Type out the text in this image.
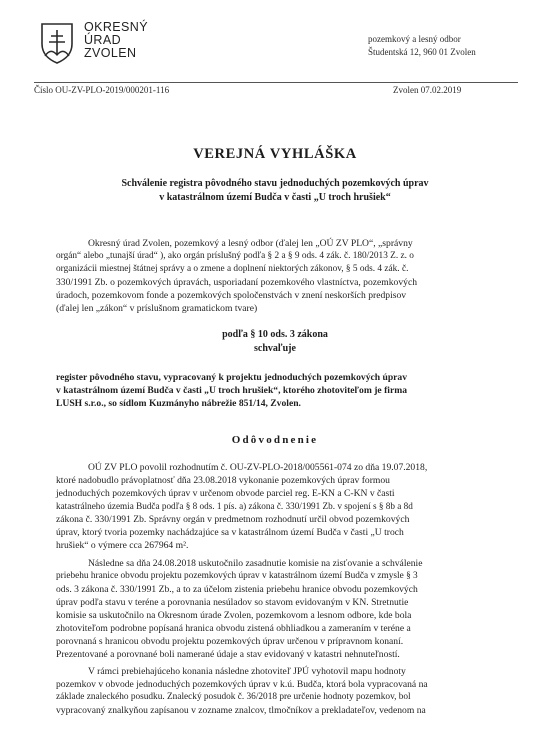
OKRESNÝ
ÚRAD
ZVOLEN
pozemkový a lesný odbor
Študentská 12, 960 01 Zvolen
Číslo OU-ZV-PLO-2019/000201-116	Zvolen 07.02.2019
VEREJNÁ VYHLÁŠKA
Schválenie registra pôvodného stavu jednoduchých pozemkových úprav
v katastrálnom území Budča v časti „U troch hrušiek“
Okresný úrad Zvolen, pozemkový a lesný odbor (ďalej len „OÚ ZV PLO“, „správny
orgán“ alebo „tunajší úrad“ ), ako orgán príslušný podľa § 2 a § 9 ods. 4 zák. č. 180/2013 Z. z. o
organizácii miestnej štátnej správy a o zmene a doplnení niektorých zákonov, § 5 ods. 4 zák. č.
330/1991 Zb. o pozemkových úpravách, usporiadaní pozemkového vlastníctva, pozemkových
úradoch, pozemkovom fonde a pozemkových spoločenstvách v znení neskorších predpisov
(ďalej len „zákon“ v príslušnom gramatickom tvare)
podľa § 10 ods. 3 zákona
schvaľuje
register pôvodného stavu, vypracovaný k projektu jednoduchých pozemkových úprav
v katastrálnom území Budča v časti „U troch hrušiek“, ktorého zhotoviteľom je firma
LUSH s.r.o., so sídlom Kuzmányho nábrežie 851/14, Zvolen.
Odôvodnenie
OÚ ZV PLO povolil rozhodnutím č. OU-ZV-PLO-2018/005561-074 zo dňa 19.07.2018,
ktoré nadobudlo právoplatnosť dňa 23.08.2018 vykonanie pozemkových úprav formou
jednoduchých pozemkových úprav v určenom obvode parciel reg. E-KN a C-KN v časti
katastrálneho územia Budča podľa § 8 ods. 1 pís. a) zákona č. 330/1991 Zb. v spojení s § 8b a 8d
zákona č. 330/1991 Zb. Správny orgán v predmetnom rozhodnutí určil obvod pozemkových
úprav, ktorý tvoria pozemky nachádzajúce sa v katastrálnom území Budča v časti „U troch
hrušiek“ o výmere cca 267964 m².
Následne sa dňa 24.08.2018 uskutočnilo zasadnutie komisie na zisťovanie a schválenie
priebehu hranice obvodu projektu pozemkových úprav v katastrálnom území Budča v zmysle § 3
ods. 3 zákona č. 330/1991 Zb., a to za účelom zistenia priebehu hranice obvodu pozemkových
úprav podľa stavu v teréne a porovnania nesúladov so stavom evidovaným v KN. Stretnutie
komisie sa uskutočnilo na Okresnom úrade Zvolen, pozemkovom a lesnom odbore, kde bola
zhotoviteľom podrobne popísaná hranica obvodu zistená obhliadkou a zameraním v teréne a
porovnaná s hranicou obvodu projektu pozemkových úprav určenou v prípravnom konaní.
Prezentované a porovnané boli namerané údaje a stav evidovaný v katastri nehnuteľností.
V rámci prebiehajúceho konania následne zhotoviteľ JPÚ vyhotovil mapu hodnoty
pozemkov v obvode jednoduchých pozemkových úprav v k.ú. Budča, ktorá bola vypracovaná na
základe znaleckého posudku. Znalecký posudok č. 36/2018 pre určenie hodnoty pozemkov, bol
vypracovaný znalkyňou zapísanou v zozname znalcov, tlmočníkov a prekladateľov, vedenom na
